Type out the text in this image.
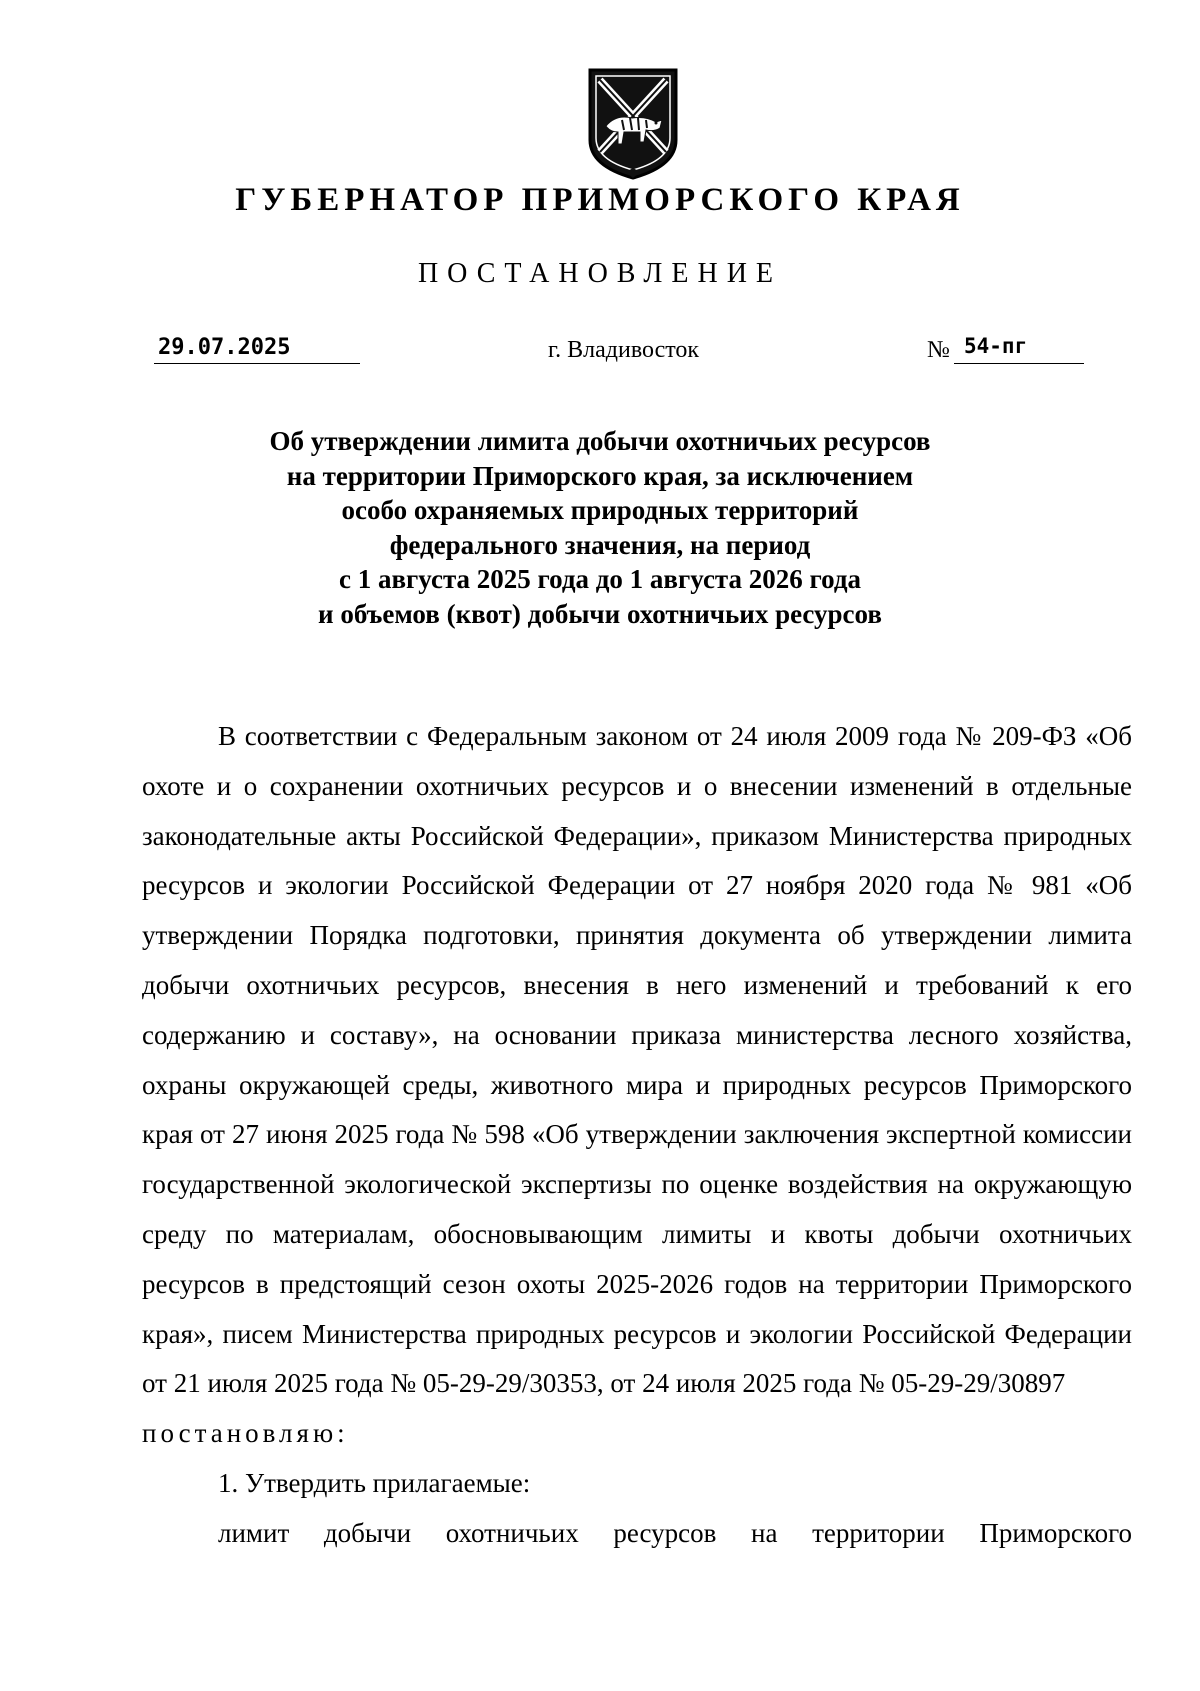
ГУБЕРНАТОР ПРИМОРСКОГО КРАЯ
ПОСТАНОВЛЕНИЕ
29.07.2025	г. Владивосток	№ 54-пг
Об утверждении лимита добычи охотничьих ресурсов
на территории Приморского края, за исключением
особо охраняемых природных территорий
федерального значения, на период
с 1 августа 2025 года до 1 августа 2026 года
и объемов (квот) добычи охотничьих ресурсов

В соответствии с Федеральным законом от 24 июля 2009 года № 209-ФЗ «Об охоте и о сохранении охотничьих ресурсов и о внесении изменений в отдельные законодательные акты Российской Федерации», приказом Министерства природных ресурсов и экологии Российской Федерации от 27 ноября 2020 года № 981 «Об утверждении Порядка подготовки, принятия документа об утверждении лимита добычи охотничьих ресурсов, внесения в него изменений и требований к его содержанию и составу», на основании приказа министерства лесного хозяйства, охраны окружающей среды, животного мира и природных ресурсов Приморского края от 27 июня 2025 года № 598 «Об утверждении заключения экспертной комиссии государственной экологической экспертизы по оценке воздействия на окружающую среду по материалам, обосновывающим лимиты и квоты добычи охотничьих ресурсов в предстоящий сезон охоты 2025-2026 годов на территории Приморского края», писем Министерства природных ресурсов и экологии Российской Федерации от 21 июля 2025 года № 05-29-29/30353, от 24 июля 2025 года № 05-29-29/30897

постановляю:

1. Утвердить прилагаемые:

лимит добычи охотничьих ресурсов на территории Приморского
